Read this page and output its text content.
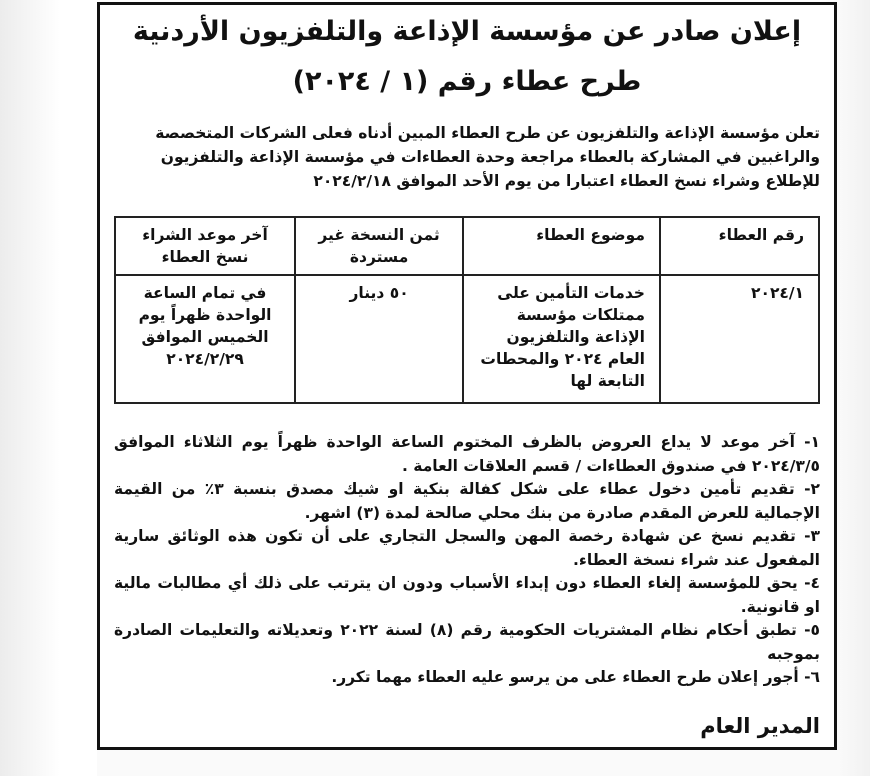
إعلان صادر عن مؤسسة الإذاعة والتلفزيون الأردنية
طرح عطاء رقم (١ / ٢٠٢٤)

تعلن مؤسسة الإذاعة والتلفزيون عن طرح العطاء المبين أدناه فعلى الشركات المتخصصة

والراغبين في المشاركة بالعطاء مراجعة وحدة العطاءات في مؤسسة الإذاعة والتلفزيون

للإطلاع وشراء نسخ العطاء اعتبارا من يوم الأحد الموافق ٢٠٢٤/٢/١٨

رقم العطاء	موضوع العطاء	ثمن النسخة غير مستردة	آخر موعد الشراء نسخ العطاء
٢٠٢٤/١	خدمات التأمين على ممتلكات مؤسسة الإذاعة والتلفزيون العام ٢٠٢٤ والمحطات التابعة لها	٥٠ دينار	في تمام الساعة الواحدة ظهراً يوم الخميس الموافق ٢٠٢٤/٢/٢٩

١- آخر موعد لا يداع العروض بالظرف المختوم الساعة الواحدة ظهراً يوم الثلاثاء الموافق ٢٠٢٤/٣/٥ في صندوق العطاءات / قسم العلاقات العامة .

٢- تقديم تأمين دخول عطاء على شكل كفالة بنكية او شيك مصدق بنسبة ٣٪ من القيمة الإجمالية للعرض المقدم صادرة من بنك محلي صالحة لمدة (٣) اشهر.

٣- تقديم نسخ عن شهادة رخصة المهن والسجل التجاري على أن تكون هذه الوثائق سارية المفعول عند شراء نسخة العطاء.

٤- يحق للمؤسسة إلغاء العطاء دون إبداء الأسباب ودون ان يترتب على ذلك أي مطالبات مالية او قانونية.

٥- تطبق أحكام نظام المشتريات الحكومية رقم (٨) لسنة ٢٠٢٢ وتعديلاته والتعليمات الصادرة بموجبه

٦- أجور إعلان طرح العطاء على من يرسو عليه العطاء مهما تكرر.

المدير العام
